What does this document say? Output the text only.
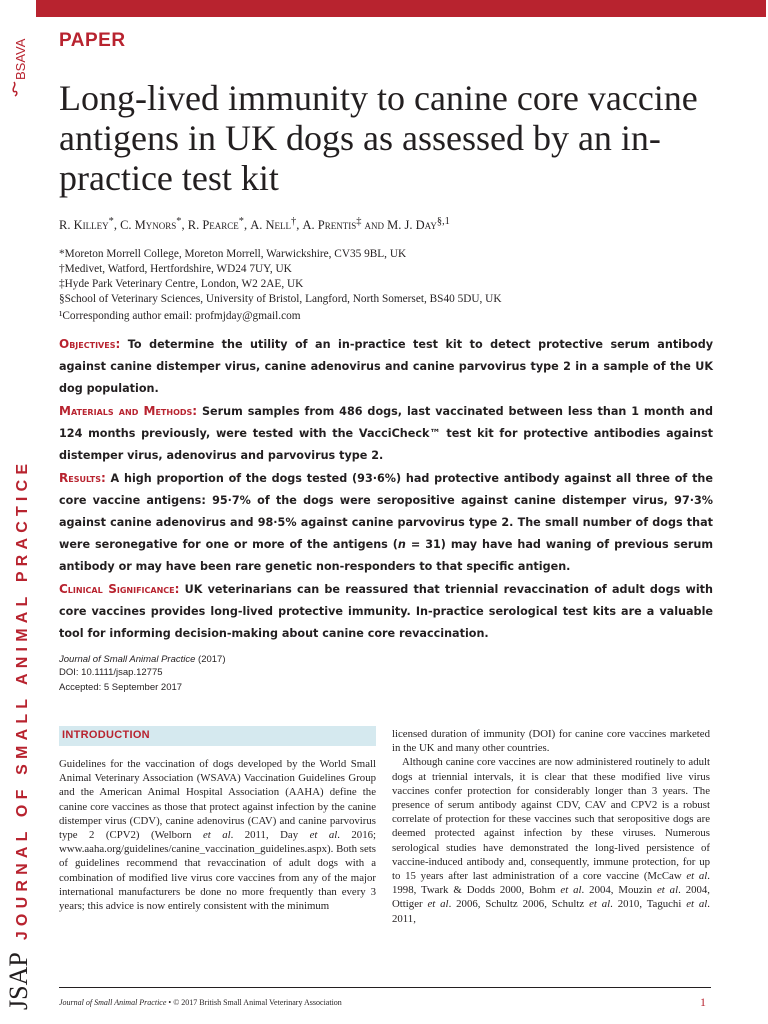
BSAVA
JSAP
JOURNAL OF SMALL ANIMAL PRACTICE
PAPER
Long-lived immunity to canine core vaccine antigens in UK dogs as assessed by an in-practice test kit
R. Killey*, C. Mynors*, R. Pearce*, A. Nell†, A. Prentis‡ and M. J. Day$^{\S,1}$
*Moreton Morrell College, Moreton Morrell, Warwickshire, CV35 9BL, UK
†Medivet, Watford, Hertfordshire, WD24 7UY, UK
‡Hyde Park Veterinary Centre, London, W2 2AE, UK
§School of Veterinary Sciences, University of Bristol, Langford, North Somerset, BS40 5DU, UK
¹Corresponding author email: profmjday@gmail.com

Objectives: To determine the utility of an in-practice test kit to detect protective serum antibody against canine distemper virus, canine adenovirus and canine parvovirus type 2 in a sample of the UK dog population.

Materials and Methods: Serum samples from 486 dogs, last vaccinated between less than 1 month and 124 months previously, were tested with the VacciCheck™ test kit for protective antibodies against distemper virus, adenovirus and parvovirus type 2.

Results: A high proportion of the dogs tested (93·6%) had protective antibody against all three of the core vaccine antigens: 95·7% of the dogs were seropositive against canine distemper virus, 97·3% against canine adenovirus and 98·5% against canine parvovirus type 2. The small number of dogs that were seronegative for one or more of the antigens (n = 31) may have had waning of previous serum antibody or may have been rare genetic non-responders to that specific antigen.

Clinical Significance: UK veterinarians can be reassured that triennial revaccination of adult dogs with core vaccines provides long-lived protective immunity. In-practice serological test kits are a valuable tool for informing decision-making about canine core revaccination.

Journal of Small Animal Practice (2017)
DOI: 10.1111/jsap.12775
Accepted: 5 September 2017
INTRODUCTION

Guidelines for the vaccination of dogs developed by the World Small Animal Veterinary Association (WSAVA) Vaccination Guidelines Group and the American Animal Hospital Association (AAHA) define the canine core vaccines as those that protect against infection by the canine distemper virus (CDV), canine adenovirus (CAV) and canine parvovirus type 2 (CPV2) (Welborn et al. 2011, Day et al. 2016; www.aaha.org/guidelines/canine_vaccination_guidelines.aspx). Both sets of guidelines recommend that revaccination of adult dogs with a combination of modified live virus core vaccines from any of the major international manufacturers be done no more frequently than every 3 years; this advice is now entirely consistent with the minimum

licensed duration of immunity (DOI) for canine core vaccines marketed in the UK and many other countries.

Although canine core vaccines are now administered routinely to adult dogs at triennial intervals, it is clear that these modified live virus vaccines confer protection for considerably longer than 3 years. The presence of serum antibody against CDV, CAV and CPV2 is a robust correlate of protection for these vaccines such that seropositive dogs are deemed protected against infection by these viruses. Numerous serological studies have demonstrated the long-lived persistence of vaccine-induced antibody and, consequently, immune protection, for up to 15 years after last administration of a core vaccine (McCaw et al. 1998, Twark & Dodds 2000, Bohm et al. 2004, Mouzin et al. 2004, Ottiger et al. 2006, Schultz 2006, Schultz et al. 2010, Taguchi et al. 2011,

Journal of Small Animal Practice • © 2017 British Small Animal Veterinary Association	1
